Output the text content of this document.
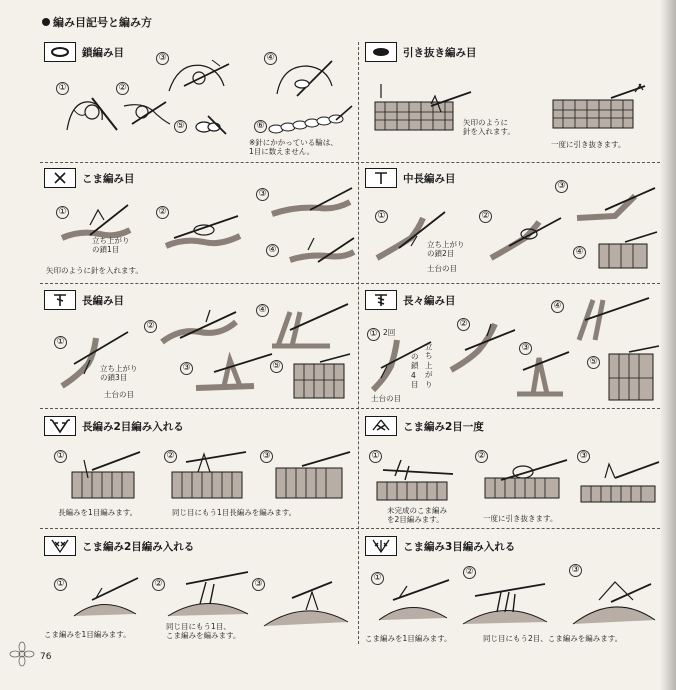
編み目記号と編み方
鎖編み目
①	②
③
⑤
④
⑥
※針にかかっている輪は、
1目に数えません。
引き抜き編み目
矢印のように
針を入れます。
一度に引き抜きます。
こま編み目
①
立ち上がり
の鎖1目
②
③
④
矢印のように針を入れます。
中長編み目
①
立ち上がり
の鎖2目
土台の目
②
③
④
長編み目
①
立ち上がり
の鎖3目
土台の目
②
③
④
⑤
長々編み目
① 2回
立
ち
上
が
り
の
鎖
4
目
土台の目
②
③
④
⑤
長編み2目編み入れる
①
長編みを1目編みます。
②	③
同じ目にもう1目長編みを編みます。
こま編み2目一度
①
未完成のこま編み
を2目編みます。
②
一度に引き抜きます。
③
こま編み2目編み入れる
①
こま編みを1目編みます。
②
同じ目にもう1目、
こま編みを編みます。
③
こま編み3目編み入れる
①
こま編みを1目編みます。
②
同じ目にもう2目、こま編みを編みます。
③
76
